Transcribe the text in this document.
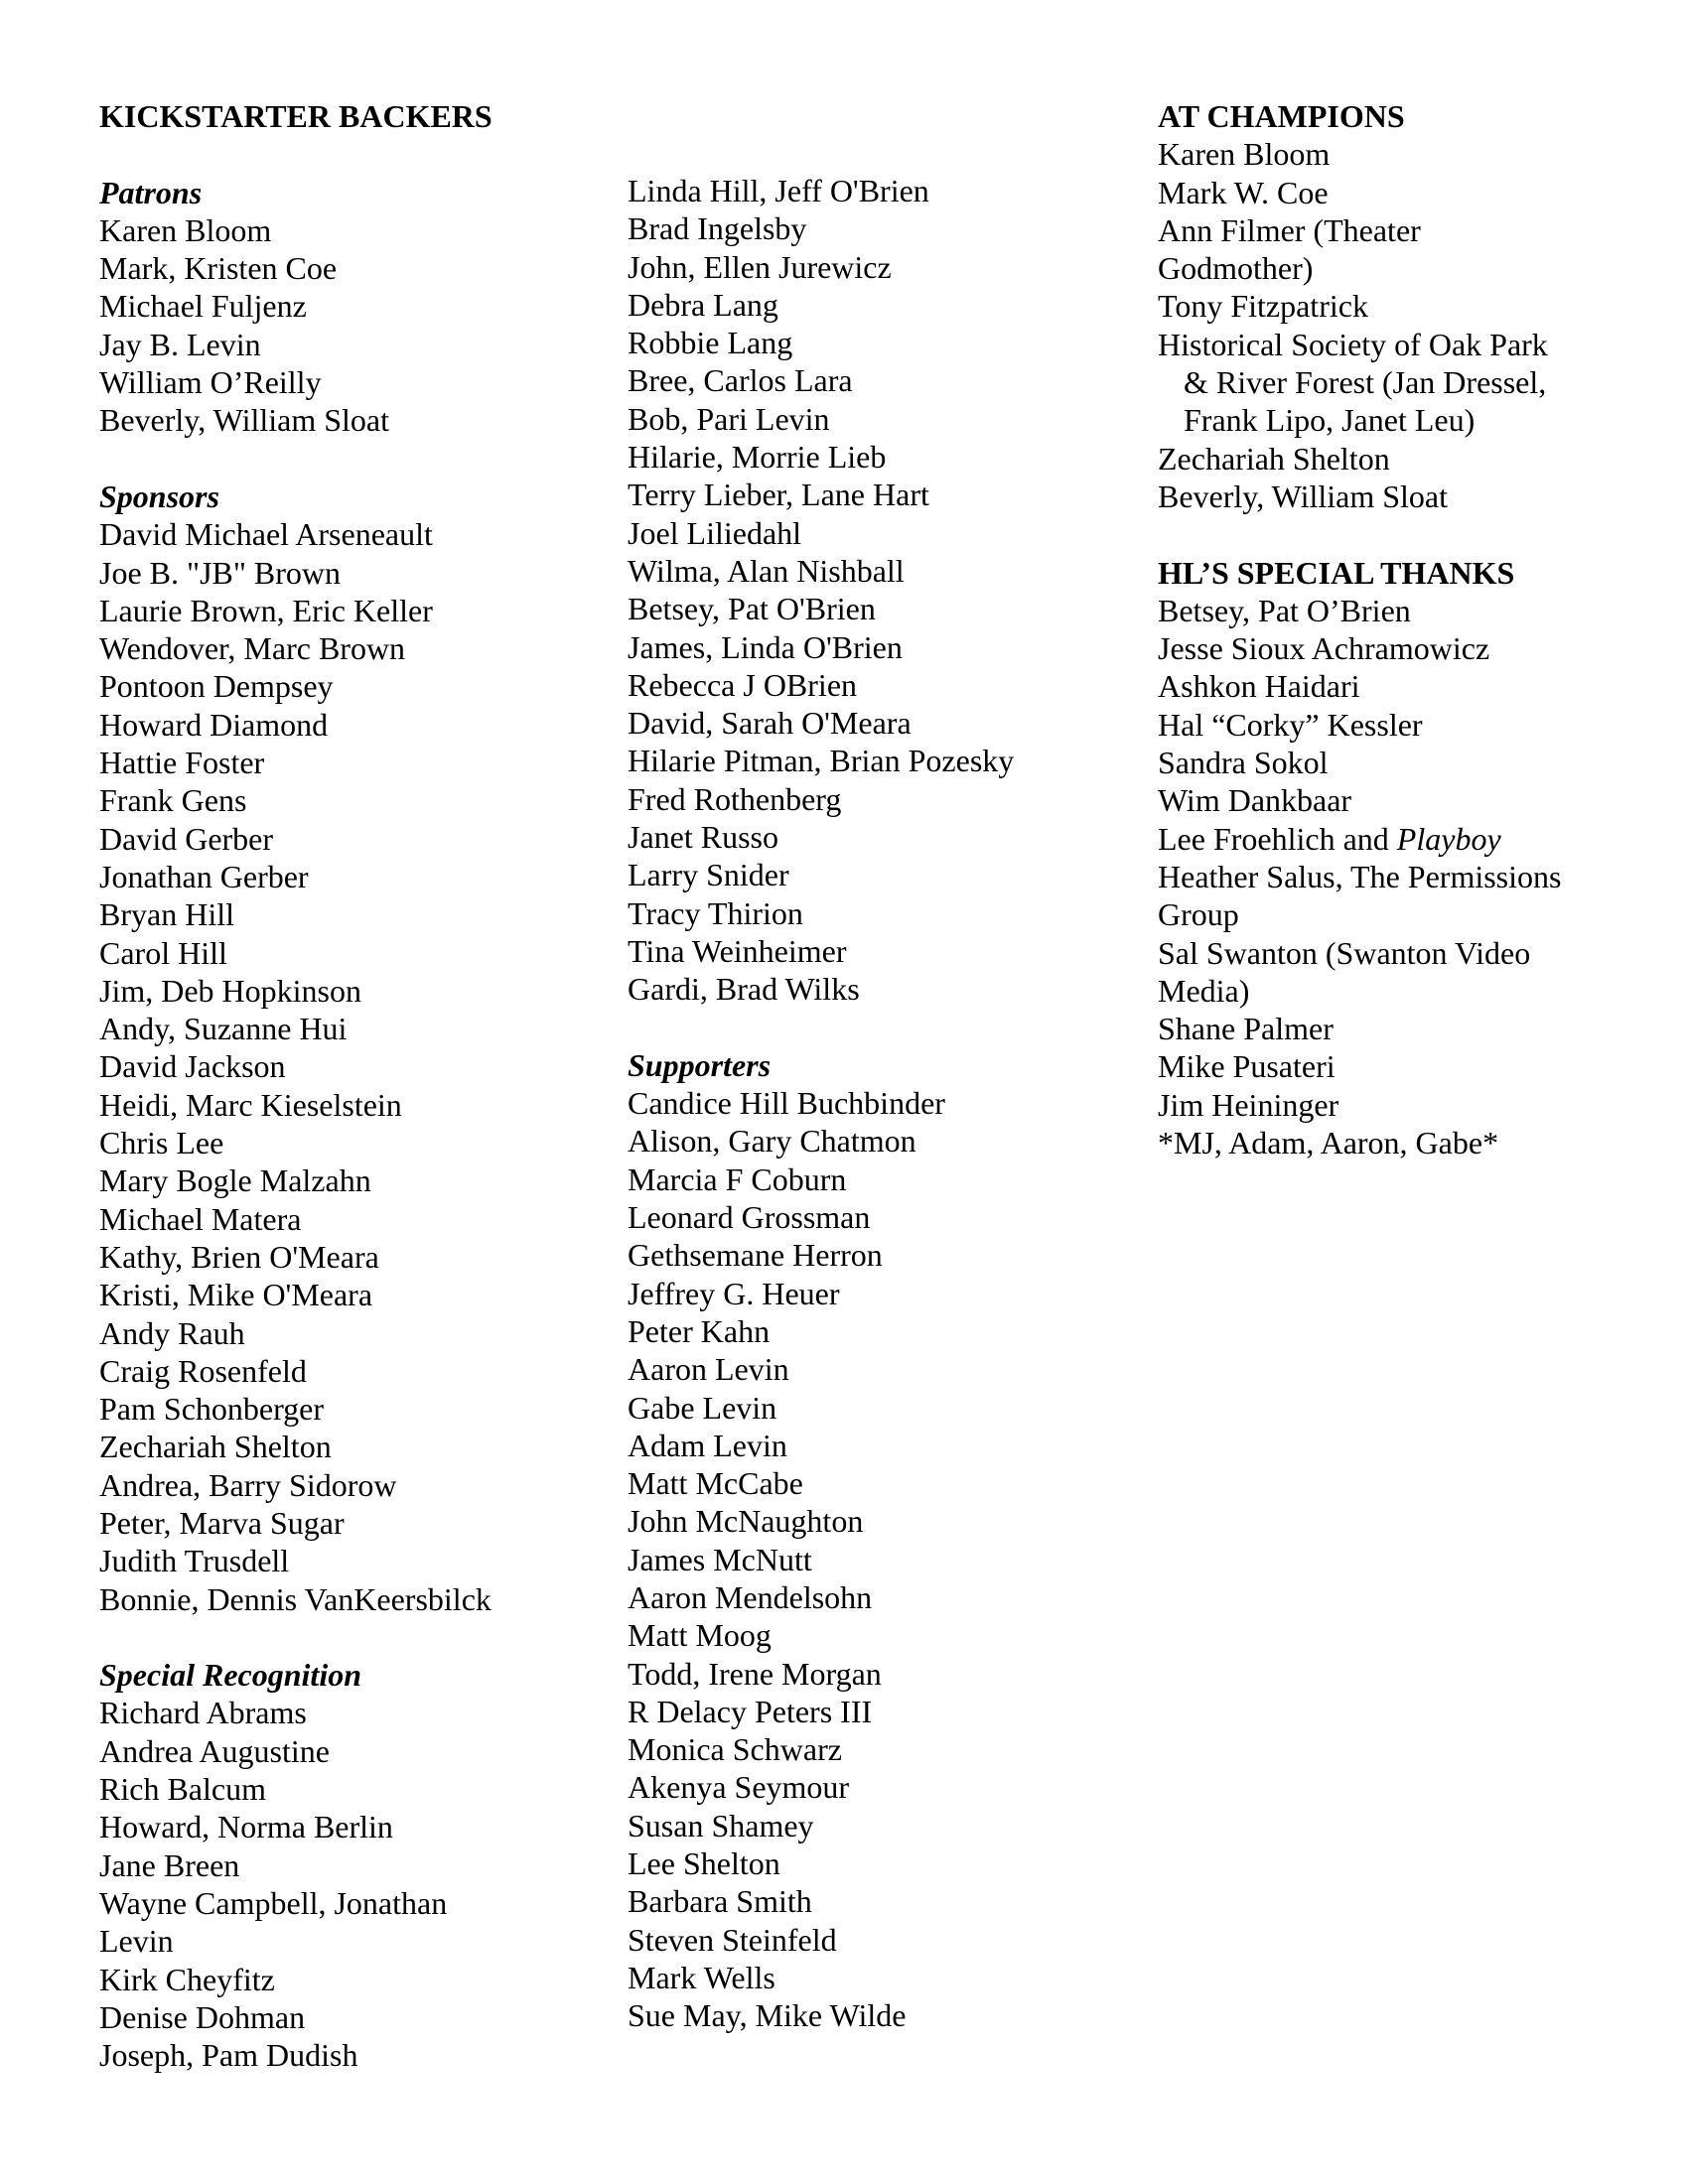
KICKSTARTER BACKERS
Patrons
Karen Bloom
Mark, Kristen Coe
Michael Fuljenz
Jay B. Levin
William O’Reilly
Beverly, William Sloat
Sponsors
David Michael Arseneault
Joe B. "JB" Brown
Laurie Brown, Eric Keller
Wendover, Marc Brown
Pontoon Dempsey
Howard Diamond
Hattie Foster
Frank Gens
David Gerber
Jonathan Gerber
Bryan Hill
Carol Hill
Jim, Deb Hopkinson
Andy, Suzanne Hui
David Jackson
Heidi, Marc Kieselstein
Chris Lee
Mary Bogle Malzahn
Michael Matera
Kathy, Brien O'Meara
Kristi, Mike O'Meara
Andy Rauh
Craig Rosenfeld
Pam Schonberger
Zechariah Shelton
Andrea, Barry Sidorow
Peter, Marva Sugar
Judith Trusdell
Bonnie, Dennis VanKeersbilck
Special Recognition
Richard Abrams
Andrea Augustine
Rich Balcum
Howard, Norma Berlin
Jane Breen
Wayne Campbell, Jonathan
Levin
Kirk Cheyfitz
Denise Dohman
Joseph, Pam Dudish
Linda Hill, Jeff O'Brien
Brad Ingelsby
John, Ellen Jurewicz
Debra Lang
Robbie Lang
Bree, Carlos Lara
Bob, Pari Levin
Hilarie, Morrie Lieb
Terry Lieber, Lane Hart
Joel Liliedahl
Wilma, Alan Nishball
Betsey, Pat O'Brien
James, Linda O'Brien
Rebecca J OBrien
David, Sarah O'Meara
Hilarie Pitman, Brian Pozesky
Fred Rothenberg
Janet Russo
Larry Snider
Tracy Thirion
Tina Weinheimer
Gardi, Brad Wilks
Supporters
Candice Hill Buchbinder
Alison, Gary Chatmon
Marcia F Coburn
Leonard Grossman
Gethsemane Herron
Jeffrey G. Heuer
Peter Kahn
Aaron Levin
Gabe Levin
Adam Levin
Matt McCabe
John McNaughton
James McNutt
Aaron Mendelsohn
Matt Moog
Todd, Irene Morgan
R Delacy Peters III
Monica Schwarz
Akenya Seymour
Susan Shamey
Lee Shelton
Barbara Smith
Steven Steinfeld
Mark Wells
Sue May, Mike Wilde
AT CHAMPIONS
Karen Bloom
Mark W. Coe
Ann Filmer (Theater
Godmother)
Tony Fitzpatrick
Historical Society of Oak Park
& River Forest (Jan Dressel,
Frank Lipo, Janet Leu)
Zechariah Shelton
Beverly, William Sloat
HL’S SPECIAL THANKS
Betsey, Pat O’Brien
Jesse Sioux Achramowicz
Ashkon Haidari
Hal “Corky” Kessler
Sandra Sokol
Wim Dankbaar
Lee Froehlich and Playboy
Heather Salus, The Permissions
Group
Sal Swanton (Swanton Video
Media)
Shane Palmer
Mike Pusateri
Jim Heininger
*MJ, Adam, Aaron, Gabe*
